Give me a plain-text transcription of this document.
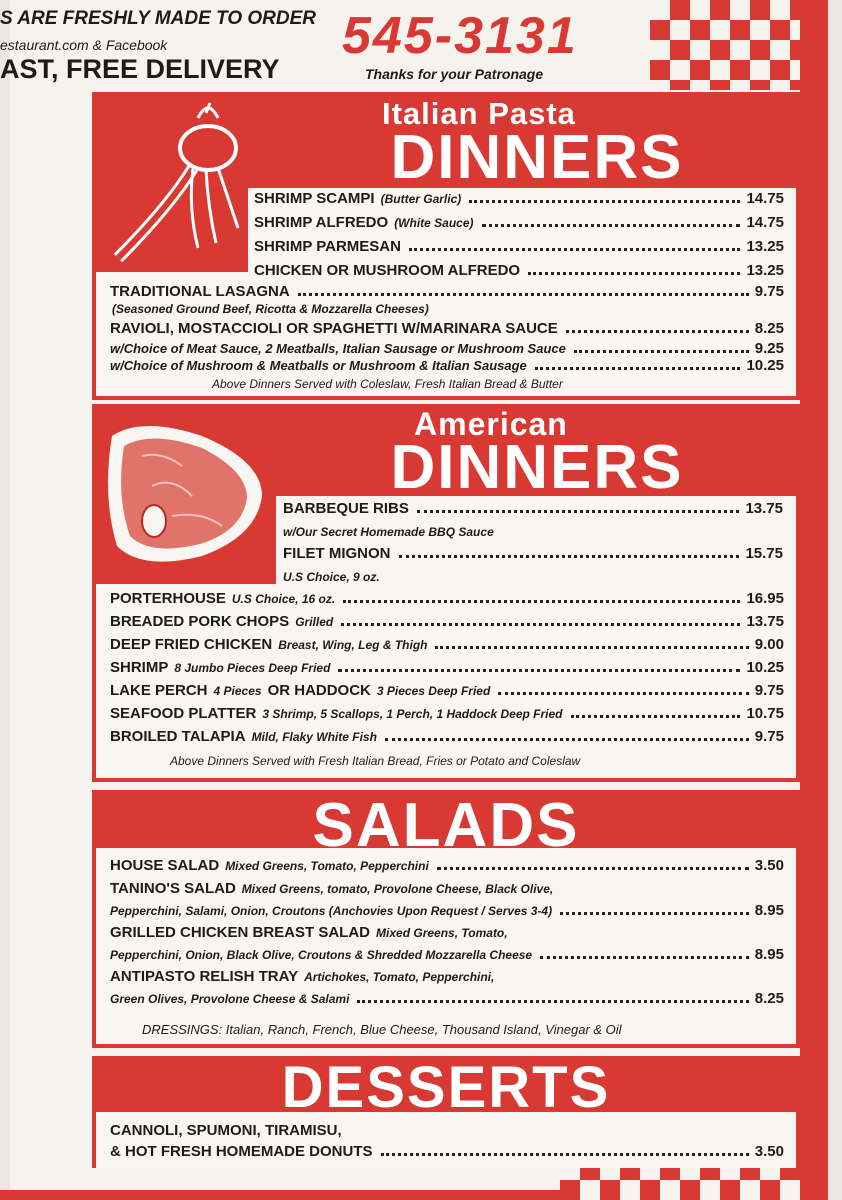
S ARE FRESHLY MADE TO ORDER
estaurant.com & Facebook
AST, FREE DELIVERY
545-3131
Thanks for your Patronage
Italian Pasta
DINNERS
SHRIMP SCAMPI (Butter Garlic)	14.75
SHRIMP ALFREDO (White Sauce)	14.75
SHRIMP PARMESAN	13.25
CHICKEN OR MUSHROOM ALFREDO	13.25
TRADITIONAL LASAGNA	9.75
(Seasoned Ground Beef, Ricotta & Mozzarella Cheeses)
RAVIOLI, MOSTACCIOLI OR SPAGHETTI W/MARINARA SAUCE	8.25
w/Choice of Meat Sauce, 2 Meatballs, Italian Sausage or Mushroom Sauce	9.25
w/Choice of Mushroom & Meatballs or Mushroom & Italian Sausage	10.25
Above Dinners Served with Coleslaw, Fresh Italian Bread & Butter
American
DINNERS
BARBEQUE RIBS	13.75
w/Our Secret Homemade BBQ Sauce
FILET MIGNON	15.75
U.S Choice, 9 oz.
PORTERHOUSE U.S Choice, 16 oz.	16.95
BREADED PORK CHOPS Grilled	13.75
DEEP FRIED CHICKEN Breast, Wing, Leg & Thigh	9.00
SHRIMP 8 Jumbo Pieces Deep Fried	10.25
LAKE PERCH 4 Pieces OR HADDOCK 3 Pieces Deep Fried	9.75
SEAFOOD PLATTER 3 Shrimp, 5 Scallops, 1 Perch, 1 Haddock Deep Fried	10.75
BROILED TALAPIA Mild, Flaky White Fish	9.75
Above Dinners Served with Fresh Italian Bread, Fries or Potato and Coleslaw
SALADS
HOUSE SALAD Mixed Greens, Tomato, Pepperchini	3.50
TANINO'S SALAD Mixed Greens, tomato, Provolone Cheese, Black Olive,
Pepperchini, Salami, Onion, Croutons (Anchovies Upon Request / Serves 3-4)	8.95
GRILLED CHICKEN BREAST SALAD Mixed Greens, Tomato,
Pepperchini, Onion, Black Olive, Croutons & Shredded Mozzarella Cheese	8.95
ANTIPASTO RELISH TRAY Artichokes, Tomato, Pepperchini,
Green Olives, Provolone Cheese & Salami	8.25
DRESSINGS: Italian, Ranch, French, Blue Cheese, Thousand Island, Vinegar & Oil
DESSERTS
CANNOLI, SPUMONI, TIRAMISU,
& HOT FRESH HOMEMADE DONUTS	3.50
